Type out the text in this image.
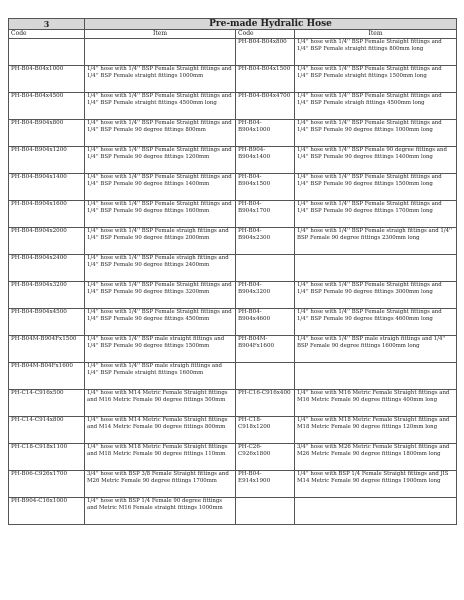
3	Pre-made Hydralic Hose		
Code	Item	Code	Item
		PH-B04-B04x800	1/4'' hose with 1/4'' BSP Female Straight fittings and 1/4'' BSP Female straight fittings 800mm long
PH-B04-B04x1000	1/4'' hose with 1/4'' BSP Female Straight fittings and 1/4'' BSP Female straight fittings 1000mm	PH-B04-B04x1500	1/4'' hose with 1/4'' BSP Female Straight fittings and 1/4'' BSP Female straight fittings 1500mm long
PH-B04-B04x4500	1/4'' hose with 1/4'' BSP Female Straight fittings and 1/4'' BSP Female straight fittings 4500mm long	PH-B04-B04x4700	1/4'' hose with 1/4'' BSP Female Straight fittings and 1/4'' BSP Female straigh fittings 4500mm long
PH-B04-B904x800	1/4'' hose with 1/4'' BSP Female Straight fittings and 1/4'' BSP Female 90 degree fittings 800mm	PH-B04-B904x1000	1/4'' hose with 1/4'' BSP Female Straight fittings and 1/4'' BSP Female 90 degree fittings 1000mm long
PH-B04-B904x1200	1/4'' hose with 1/4'' BSP Female Straight fittings and 1/4'' BSP Female 90 degree fittings 1200mm	PH-B904-B904x1400	1/4'' hose with 1/4'' BSP Female 90 degree fittings and 1/4'' BSP Female 90 degree fittings 1400mm long
PH-B04-B904x1400	1/4'' hose with 1/4'' BSP Female Straight fittings and 1/4'' BSP Female 90 degree fittings 1400mm	PH-B04-B904x1500	1/4'' hose with 1/4'' BSP Female Straight fittings and 1/4'' BSP Female 90 degree fittings 1500mm long
PH-B04-B904x1600	1/4'' hose with 1/4'' BSP Female Straight fittings and 1/4'' BSP Female 90 degree fittings 1600mm	PH-B04-B904x1700	1/4'' hose with 1/4'' BSP Female Straight fittings and 1/4'' BSP Female 90 degree fittings 1700mm long
PH-B04-B904x2000	1/4'' hose with 1/4'' BSP Female straigh fittings and 1/4'' BSP Female 90 degree fittings 2000mm	PH-B04-B904x2300	1/4'' hose with 1/4'' BSP Female straigh fittings and 1/4'' BSP Female 90 degree fittings 2300mm long
PH-B04-B904x2400	1/4'' hose with 1/4'' BSP Female straigh fittings and 1/4'' BSP Female 90 degree fittings 2400mm		
PH-B04-B904x3200	1/4'' hose with 1/4'' BSP Female Straight fittings and 1/4'' BSP Female 90 degree fittings 3200mm	PH-B04-B904x3200	1/4'' hose with 1/4'' BSP Female Straight fittings and 1/4'' BSP Female 90 degree fittings 3000mm long
PH-B04-B904x4500	1/4'' hose with 1/4'' BSP Female Straight fittings and 1/4'' BSP Female 90 degree fittings 4500mm	PH-B04-B904x4600	1/4'' hose with 1/4'' BSP Female Straight fittings and 1/4'' BSP Female 90 degree fittings 4600mm long
PH-B04M-B904Fx1500	1/4'' hose with 1/4'' BSP male straight fittings and 1/4'' BSP Female 90 degree fittings 1500mm	PH-B04M-B904Fx1600	1/4'' hose with 1/4'' BSP male straigh fittings and 1/4'' BSP Female 90 degree fittings 1600mm long
PH-B04M-B04Fx1600	1/4'' hose with 1/4'' BSP male straigh fittings and 1/4'' BSP Female straight fittings 1600mm		
PH-C14-C916x500	1/4'' hose with M14 Metric Female Straight fittings and M16 Metric Female 90 degree fittings 500mm	PH-C16-C916x400	1/4'' hose with M16 Metric Female Straight fittings and M16 Metric Female 90 degree fittings 400mm long
PH-C14-C914x800	1/4'' hose with M14 Metric Female Straight fittings and M14 Metric Female 90 degree fittings 800mm	PH-C18-C918x1200	1/4'' hose with M18 Metric Female Straight fittings and M18 Metric Female 90 degree fittings 120mm long
PH-C18-C918x1100	1/4'' hose with M18 Metric Female Straight fittings and M18 Metric Female 90 degree fittings 110mm	PH-C26-C926x1800	3/4'' hose with M26 Metric Female Straight fittings and M26 Metric Female 90 degree fittings 1800mm long
PH-B06-C926x1700	3/4'' hose with BSP 3/8 Female Straight fittings and M26 Metric Female 90 degree fittings 1700mm	PH-B04-E914x1900	1/4'' hose with BSP 1/4 Female Straight fittings and JIS M14 Metric Female 90 degree fittings 1900mm long
PH-B904-C16x1000	1/4'' hose with BSP 1/4 Female 90 degree fittings and Metric M16 Female straight fittings 1000mm		
